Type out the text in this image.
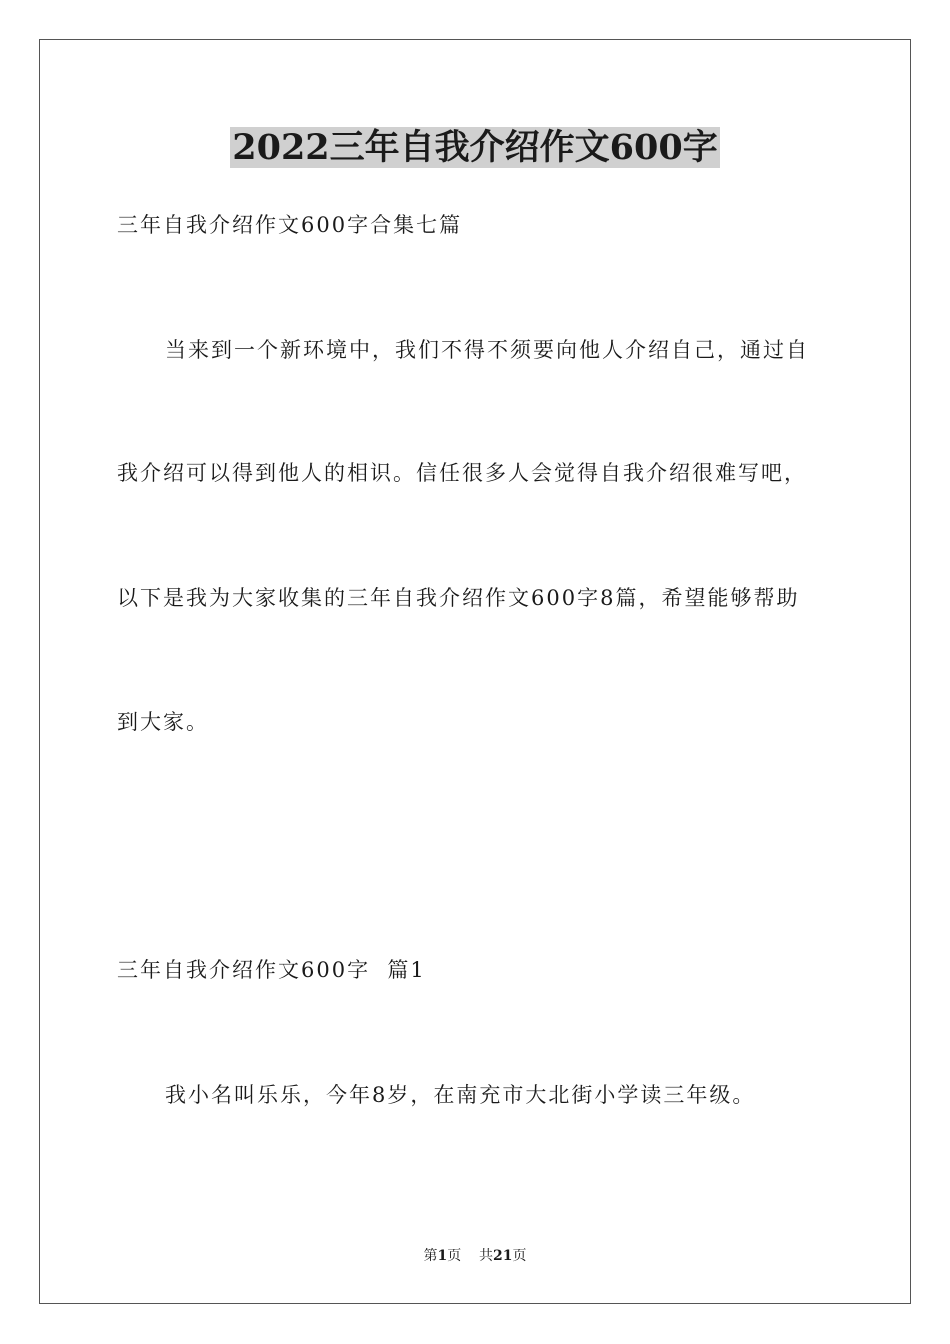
2022三年自我介绍作文600字
三年自我介绍作文600字合集七篇
当来到一个新环境中，我们不得不须要向他人介绍自己，通过自
我介绍可以得到他人的相识。信任很多人会觉得自我介绍很难写吧，
以下是我为大家收集的三年自我介绍作文600字8篇，希望能够帮助
到大家。
三年自我介绍作文600字  篇1
我小名叫乐乐，今年8岁，在南充市大北街小学读三年级。
第1页 共21页
